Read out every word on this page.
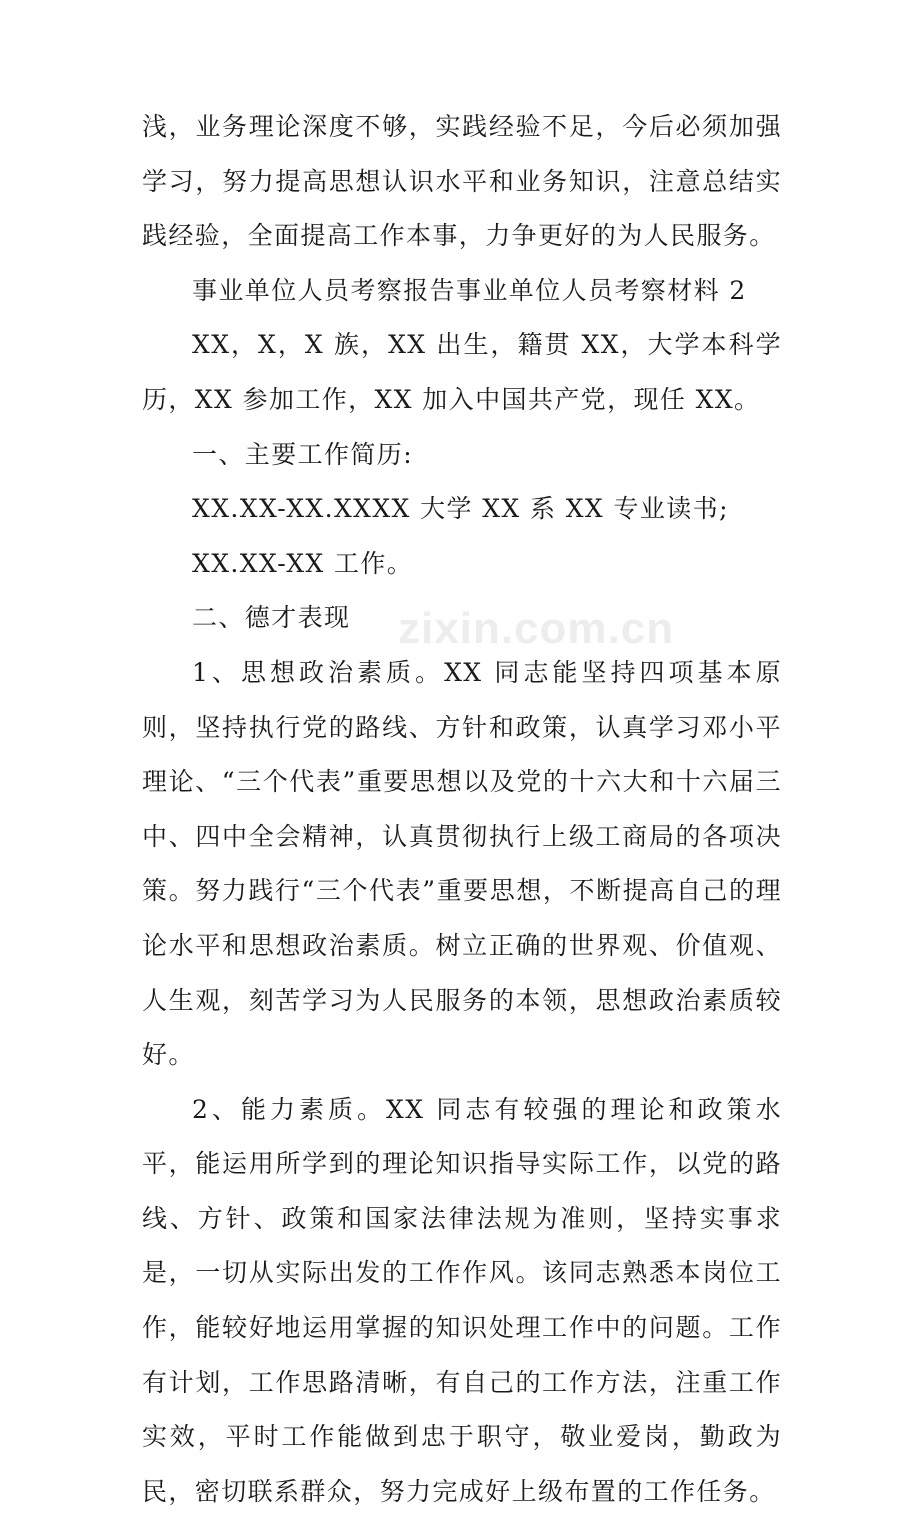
浅，业务理论深度不够，实践经验不足，今后必须加强学习，努力提高思想认识水平和业务知识，注意总结实践经验，全面提高工作本事，力争更好的为人民服务。

事业单位人员考察报告事业单位人员考察材料 2

XX，X，X 族，XX 出生，籍贯 XX，大学本科学历，XX 参加工作，XX 加入中国共产党，现任 XX。

一、主要工作简历:

XX.XX-XX.XXXX 大学 XX 系 XX 专业读书;

XX.XX-XX 工作。

二、德才表现

1、思想政治素质。XX 同志能坚持四项基本原则，坚持执行党的路线、方针和政策，认真学习邓小平理论、“三个代表”重要思想以及党的十六大和十六届三中、四中全会精神，认真贯彻执行上级工商局的各项决策。努力践行“三个代表”重要思想，不断提高自己的理论水平和思想政治素质。树立正确的世界观、价值观、人生观，刻苦学习为人民服务的本领，思想政治素质较好。

2、能力素质。XX 同志有较强的理论和政策水平，能运用所学到的理论知识指导实际工作，以党的路线、方针、政策和国家法律法规为准则，坚持实事求是，一切从实际出发的工作作风。该同志熟悉本岗位工作，能较好地运用掌握的知识处理工作中的问题。工作有计划，工作思路清晰，有自己的工作方法，注重工作实效，平时工作能做到忠于职守，敬业爱岗，勤政为民，密切联系群众，努力完成好上级布置的工作任务。

zixin.com.cn
